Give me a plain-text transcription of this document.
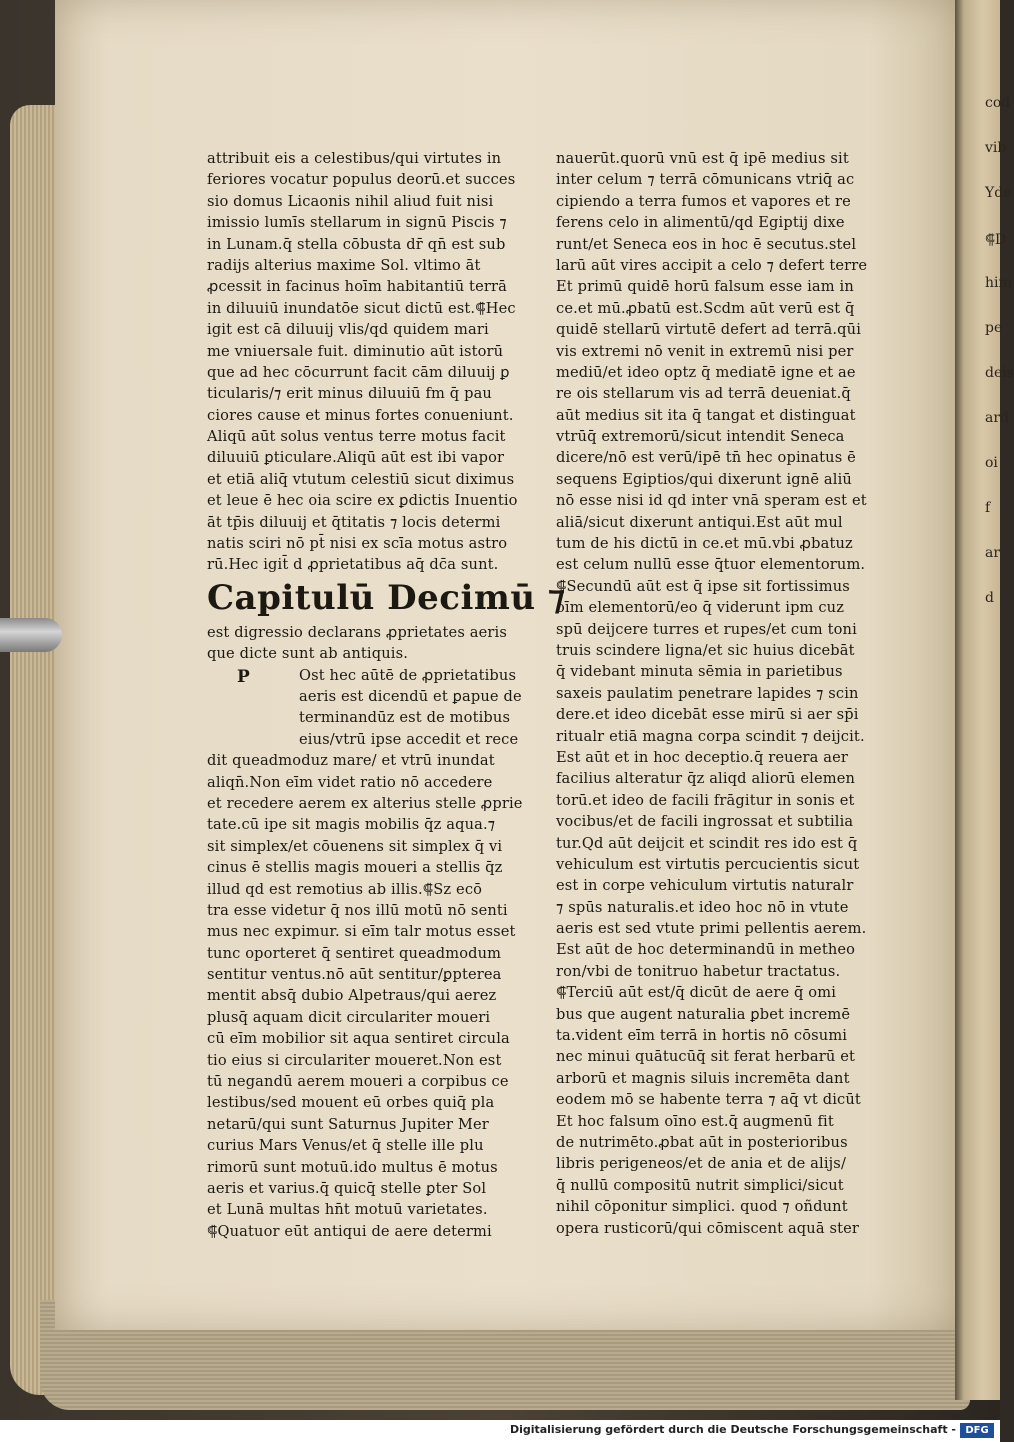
cod
vib
Yde
⸿D
him
pe
deis
ard
oi
f
ar
d
attribuit eis a celestibus/qui virtutes in
feriores vocatur populus deorū.et succes
sio domus Licaonis nihil aliud fuit nisi
imissio lumīs stellarum in signū Piscis ⁊
in Lunam.q̄ stella cōbusta dr̄ qn̄ est sub
radijs alterius maxime Sol. vltimo āt
ꝓcessit in facinus hoīm habitantiū terrā
in diluuiū inundatōe sicut dictū est.⸿Hec
igit est cā diluuij vlis/qd quidem mari
me vniuersale fuit. diminutio aūt istorū
que ad hec cōcurrunt facit cām diluuij ꝑ
ticularis/⁊ erit minus diluuiū fm q̄ pau
ciores cause et minus fortes conueniunt.
Aliqū aūt solus ventus terre motus facit
diluuiū ꝑticulare.Aliqū aūt est ibi vapor
et etiā aliq̄ vtutum celestiū sicut diximus
et leue ē hec oia scire ex ꝑdictis Inuentio
āt tp̄is diluuij et q̄titatis ⁊ locis determi
natis sciri nō pt̄ nisi ex scīa motus astro
rū.Hec igit̄ d ꝓprietatibus aq̄ dc̄a sunt.
Capitulū Decimū ⁊
est digressio declarans ꝓprietates aeris
que dicte sunt ab antiquis.
P	Ost hec aūtē de ꝓprietatibus
aeris est dicendū et ꝑapue de
terminandūz est de motibus
eius/vtrū ipse accedit et rece
dit queadmoduz mare/ et vtrū inundat
aliqn̄.Non eīm videt ratio nō accedere
et recedere aerem ex alterius stelle ꝓprie
tate.cū ipe sit magis mobilis q̄z aqua.⁊
sit simplex/et cōuenens sit simplex q̄ vi
cinus ē stellis magis moueri a stellis q̄z
illud qd est remotius ab illis.⸿Sz ecō
tra esse videtur q̄ nos illū motū nō senti
mus nec expimur. si eīm talr motus esset
tunc oporteret q̄ sentiret queadmodum
sentitur ventus.nō aūt sentitur/ꝑpterea
mentit absq̄ dubio Alpetraus/qui aerez
plusq̄ aquam dicit circulariter moueri
cū eīm mobilior sit aqua sentiret circula
tio eius si circulariter moueret.Non est
tū negandū aerem moueri a corpibus ce
lestibus/sed mouent eū orbes quiq̄ pla
netarū/qui sunt Saturnus Jupiter Mer
curius Mars Venus/et q̄ stelle ille plu
rimorū sunt motuū.ido multus ē motus
aeris et varius.q̄ quicq̄ stelle ꝑter Sol
et Lunā multas hn̄t motuū varietates.
⸿Quatuor eūt antiqui de aere determi
nauerūt.quorū vnū est q̄ ipē medius sit
inter celum ⁊ terrā cōmunicans vtriq̄ ac
cipiendo a terra fumos et vapores et re
ferens celo in alimentū/qd Egiptij dixe
runt/et Seneca eos in hoc ē secutus.stel
larū aūt vires accipit a celo ⁊ defert terre
Et primū quidē horū falsum esse iam in
ce.et mū.ꝓbatū est.Scdm aūt verū est q̄
quidē stellarū virtutē defert ad terrā.qūi
vis extremi nō venit in extremū nisi per
mediū/et ideo optz q̄ mediatē igne et ae
re ois stellarum vis ad terrā deueniat.q̄
aūt medius sit ita q̄ tangat et distinguat
vtrūq̄ extremorū/sicut intendit Seneca
dicere/nō est verū/ipē tn̄ hec opinatus ē
sequens Egiptios/qui dixerunt ignē aliū
nō esse nisi id qd inter vnā speram est et
aliā/sicut dixerunt antiqui.Est aūt mul
tum de his dictū in ce.et mū.vbi ꝓbatuz
est celum nullū esse q̄tuor elementorum.
⸿Secundū aūt est q̄ ipse sit fortissimus
oīm elementorū/eo q̄ viderunt ipm cuz
spū deijcere turres et rupes/et cum toni
truis scindere ligna/et sic huius dicebāt
q̄ videbant minuta sēmia in parietibus
saxeis paulatim penetrare lapides ⁊ scin
dere.et ideo dicebāt esse mirū si aer sp̄i
ritualr etiā magna corpa scindit ⁊ deijcit.
Est aūt et in hoc deceptio.q̄ reuera aer
facilius alteratur q̄z aliqd aliorū elemen
torū.et ideo de facili frāgitur in sonis et
vocibus/et de facili ingrossat et subtilia
tur.Qd aūt deijcit et scindit res ido est q̄
vehiculum est virtutis percucientis sicut
est in corpe vehiculum virtutis naturalr
⁊ spūs naturalis.et ideo hoc nō in vtute
aeris est sed vtute primi pellentis aerem.
Est aūt de hoc determinandū in metheo
ron/vbi de tonitruo habetur tractatus.
⸿Terciū aūt est/q̄ dicūt de aere q̄ omi
bus que augent naturalia ꝑbet incremē
ta.vident eīm terrā in hortis nō cōsumi
nec minui quātucūq̄ sit ferat herbarū et
arborū et magnis siluis incremēta dant
eodem mō se habente terra ⁊ aq̄ vt dicūt
Et hoc falsum oīno est.q̄ augmenū fit
de nutrimēto.ꝓbat aūt in posterioribus
libris perigeneos/et de ania et de alijs/
q̄ nullū compositū nutrit simplici/sicut
nihil cōponitur simplici. quod ⁊ oñdunt
opera rusticorū/qui cōmiscent aquā ster
Digitalisierung gefördert durch die Deutsche Forschungsgemeinschaft - DFG
